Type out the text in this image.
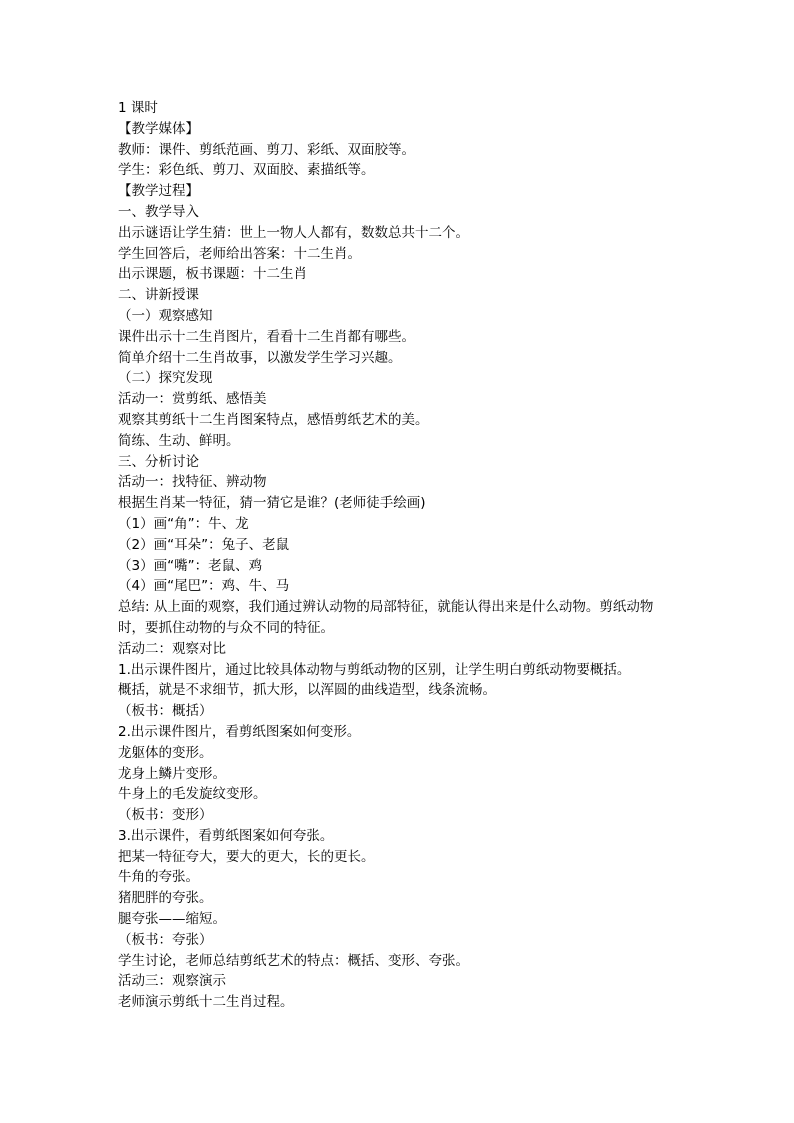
1 课时
【教学媒体】
教师：课件、剪纸范画、剪刀、彩纸、双面胶等。
学生：彩色纸、剪刀、双面胶、素描纸等。
【教学过程】
一、教学导入
出示谜语让学生猜：世上一物人人都有，数数总共十二个。
学生回答后，老师给出答案：十二生肖。
出示课题，板书课题：十二生肖
二、讲新授课
（一）观察感知
课件出示十二生肖图片，看看十二生肖都有哪些。
简单介绍十二生肖故事，以激发学生学习兴趣。
（二）探究发现
活动一：赏剪纸、感悟美
观察其剪纸十二生肖图案特点，感悟剪纸艺术的美。
简练、生动、鲜明。
三、分析讨论
活动一：找特征、辨动物
根据生肖某一特征，猜一猜它是谁？(老师徒手绘画)
（1）画“角”：牛、龙
（2）画“耳朵”：兔子、老鼠
（3）画“嘴”：老鼠、鸡
（4）画“尾巴”：鸡、牛、马
总结: 从上面的观察，我们通过辨认动物的局部特征，就能认得出来是什么动物。剪纸动物
时，要抓住动物的与众不同的特征。
活动二：观察对比
1.出示课件图片，通过比较具体动物与剪纸动物的区别，让学生明白剪纸动物要概括。
概括，就是不求细节，抓大形，以浑圆的曲线造型，线条流畅。
（板书：概括）
2.出示课件图片，看剪纸图案如何变形。
龙躯体的变形。
龙身上鳞片变形。
牛身上的毛发旋纹变形。
（板书：变形）
3.出示课件，看剪纸图案如何夸张。
把某一特征夸大，要大的更大，长的更长。
牛角的夸张。
猪肥胖的夸张。
腿夸张——缩短。
（板书：夸张）
学生讨论，老师总结剪纸艺术的特点：概括、变形、夸张。
活动三：观察演示
老师演示剪纸十二生肖过程。
